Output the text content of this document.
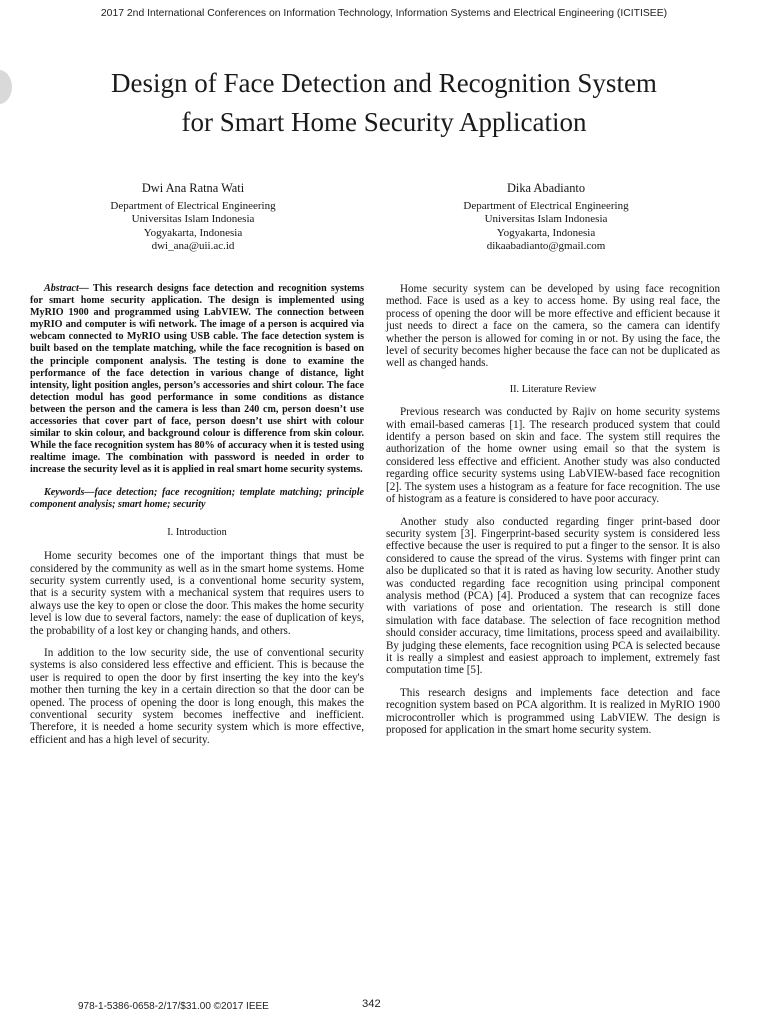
2017 2nd International Conferences on Information Technology, Information Systems and Electrical Engineering (ICITISEE)
Design of Face Detection and Recognition System
for Smart Home Security Application
Dwi Ana Ratna Wati
Department of Electrical Engineering
Universitas Islam Indonesia
Yogyakarta, Indonesia
dwi_ana@uii.ac.id
Dika Abadianto
Department of Electrical Engineering
Universitas Islam Indonesia
Yogyakarta, Indonesia
dikaabadianto@gmail.com

Abstract— This research designs face detection and recognition systems for smart home security application. The design is implemented using MyRIO 1900 and programmed using LabVIEW. The connection between myRIO and computer is wifi network. The image of a person is acquired via webcam connected to MyRIO using USB cable. The face detection system is built based on the template matching, while the face recognition is based on the principle component analysis. The testing is done to examine the performance of the face detection in various change of distance, light intensity, light position angles, person’s accessories and shirt colour. The face detection modul has good performance in some conditions as distance between the person and the camera is less than 240 cm, person doesn’t use accessories that cover part of face, person doesn’t use shirt with colour similar to skin colour, and background colour is difference from skin colour. While the face recognition system has 80% of accuracy when it is tested using realtime image. The combination with password is needed in order to increase the security level as it is applied in real smart home security systems.

Keywords—face detection; face recognition; template matching; principle component analysis; smart home; security

I. Introduction

Home security becomes one of the important things that must be considered by the community as well as in the smart home systems. Home security system currently used, is a conventional home security system, that is a security system with a mechanical system that requires users to always use the key to open or close the door. This makes the home security level is low due to several factors, namely: the ease of duplication of keys, the probability of a lost key or changing hands, and others.

In addition to the low security side, the use of conventional security systems is also considered less effective and efficient. This is because the user is required to open the door by first inserting the key into the key's mother then turning the key in a certain direction so that the door can be opened. The process of opening the door is long enough, this makes the conventional security system becomes ineffective and inefficient. Therefore, it is needed a home security system which is more effective, efficient and has a high level of security.

Home security system can be developed by using face recognition method. Face is used as a key to access home. By using real face, the process of opening the door will be more effective and efficient because it just needs to direct a face on the camera, so the camera can identify whether the person is allowed for coming in or not. By using the face, the level of security becomes higher because the face can not be duplicated as well as changed hands.

II. Literature Review

Previous research was conducted by Rajiv on home security systems with email-based cameras [1]. The research produced system that could identify a person based on skin and face. The system still requires the authorization of the home owner using email so that the system is considered less effective and efficient. Another study was also conducted regarding office security systems using LabVIEW-based face recognition [2]. The system uses a histogram as a feature for face recognition. The use of histogram as a feature is considered to have poor accuracy.

Another study also conducted regarding finger print-based door security system [3]. Fingerprint-based security system is considered less effective because the user is required to put a finger to the sensor. It is also considered to cause the spread of the virus. Systems with finger print can also be duplicated so that it is rated as having low security. Another study was conducted regarding face recognition using principal component analysis method (PCA) [4]. Produced a system that can recognize faces with variations of pose and orientation. The research is still done simulation with face database. The selection of face recognition method should consider accuracy, time limitations, process speed and availaibility. By judging these elements, face recognition using PCA is selected because it is really a simplest and easiest approach to implement, extremely fast computation time [5].

This research designs and implements face detection and face recognition system based on PCA algorithm. It is realized in MyRIO 1900 microcontroller which is programmed using LabVIEW. The design is proposed for application in the smart home security system.

978-1-5386-0658-2/17/$31.00 ©2017 IEEE	342
